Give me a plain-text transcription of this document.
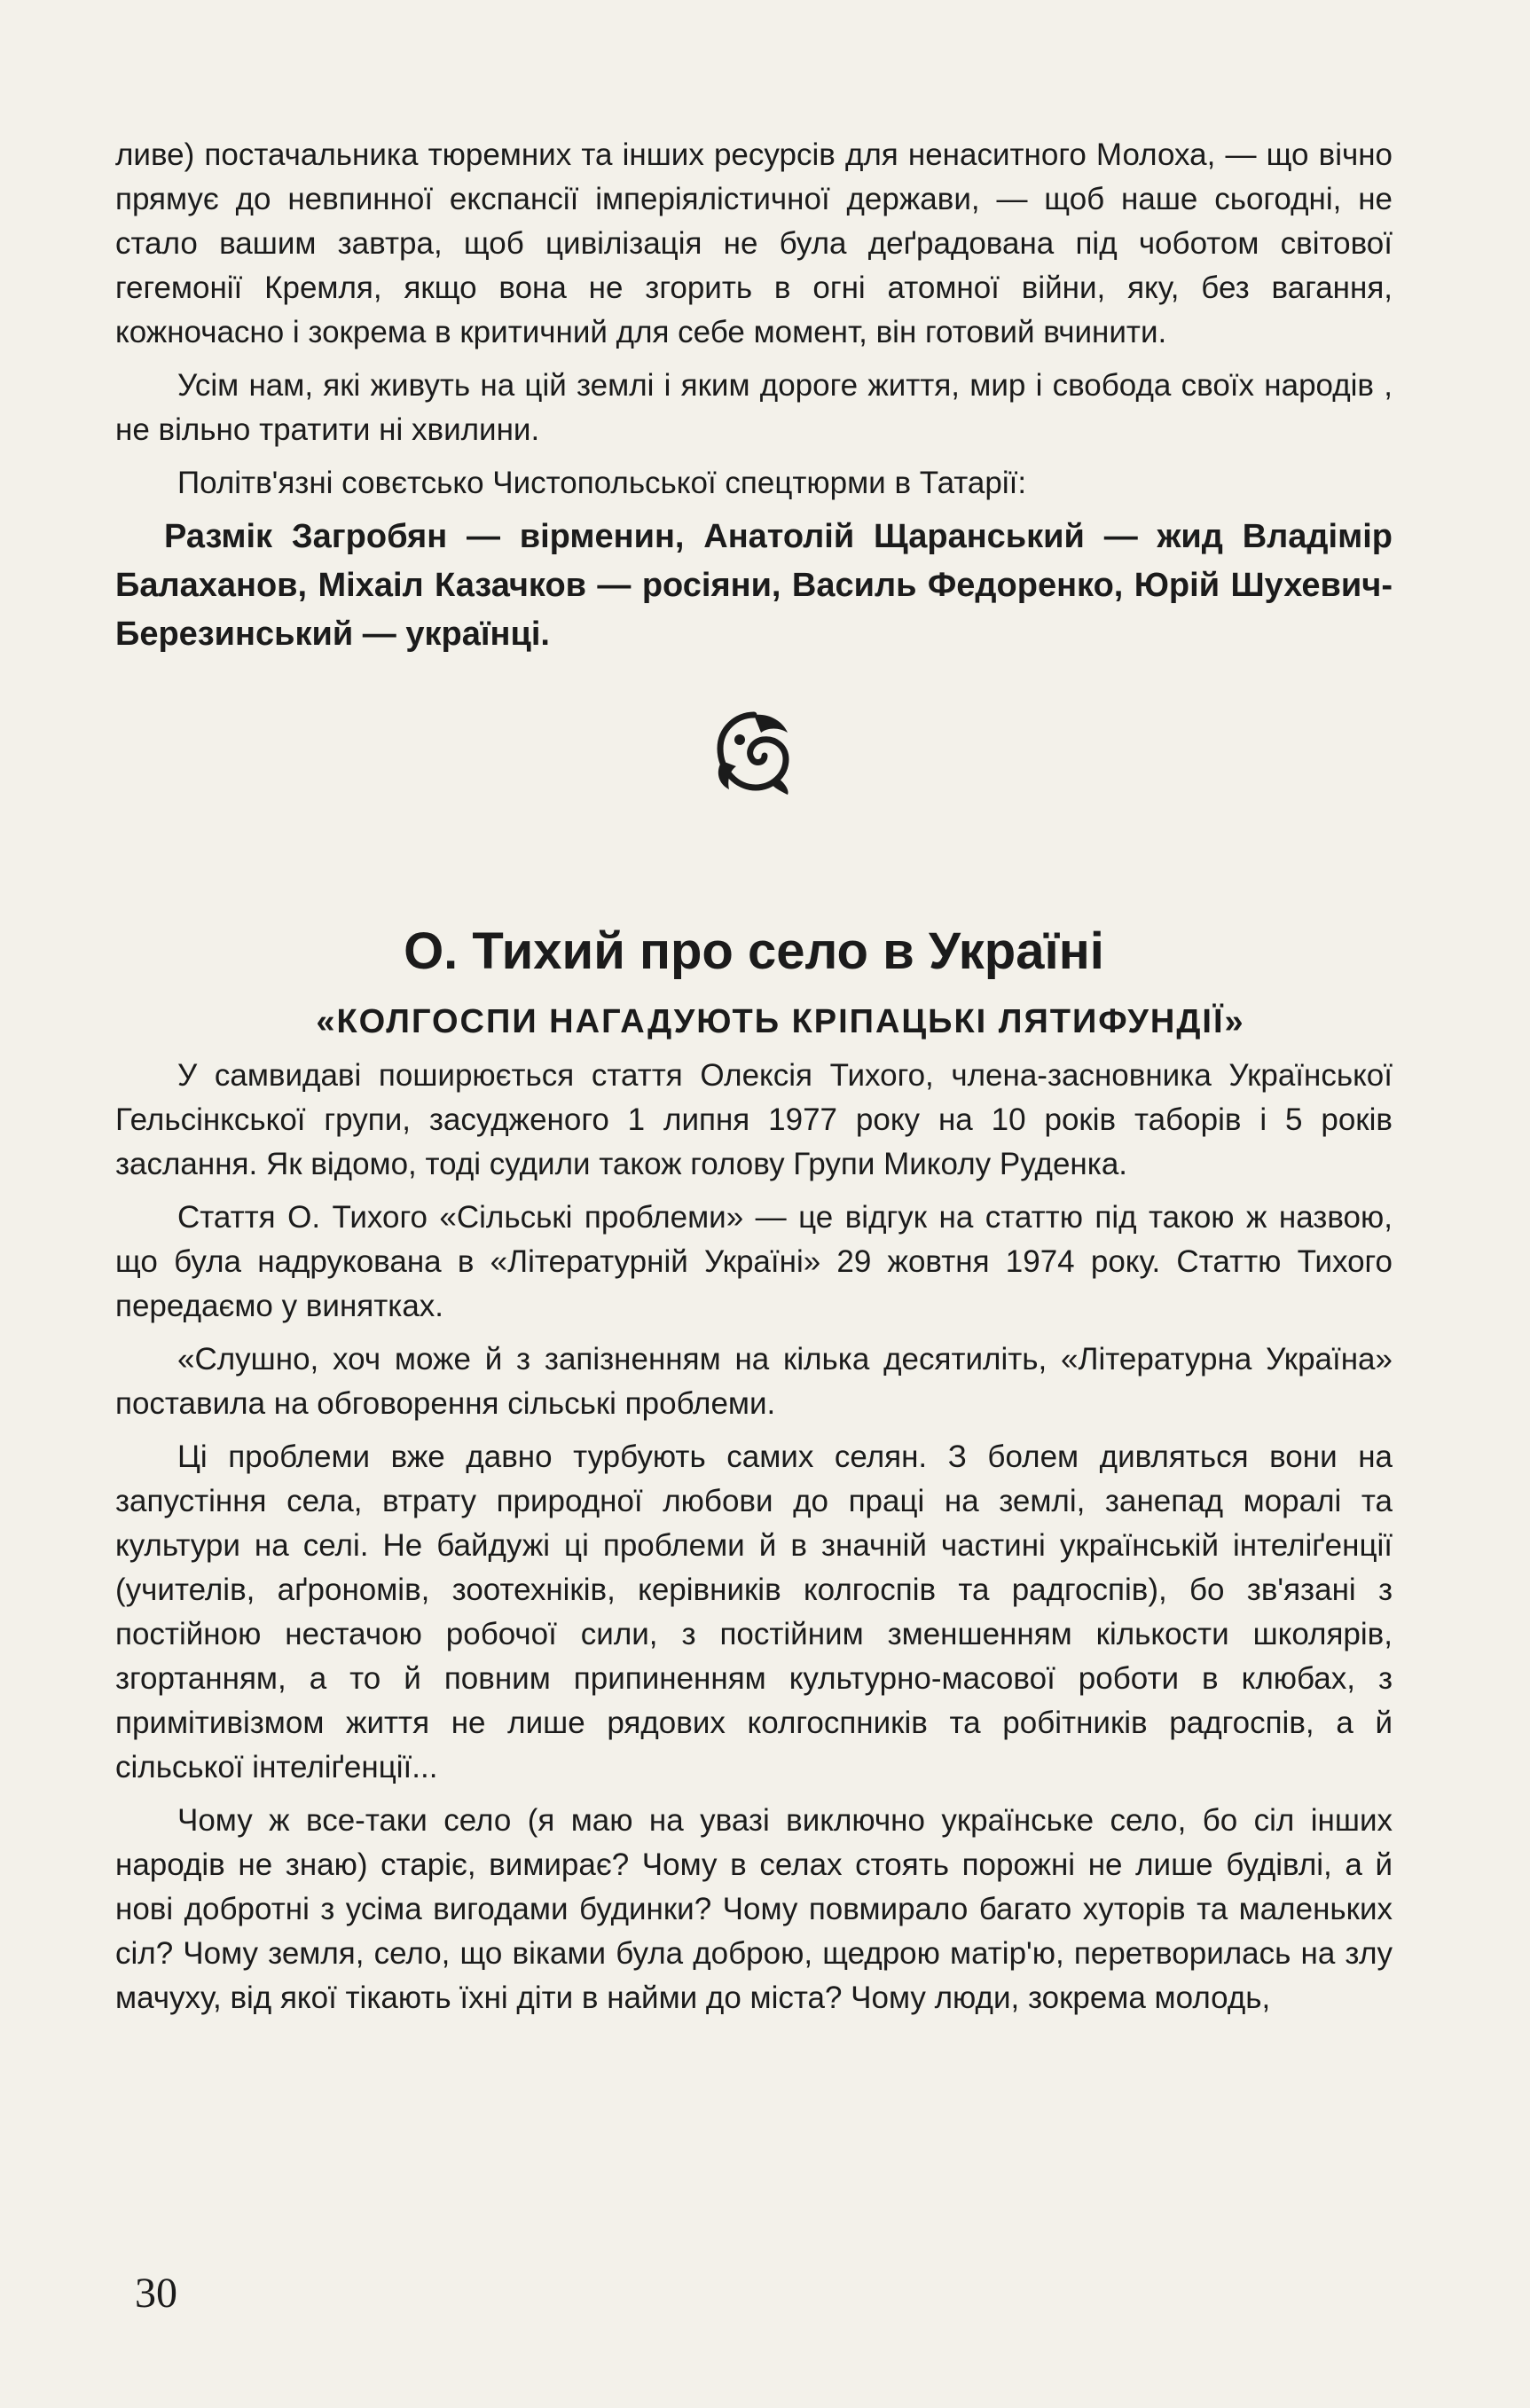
ливе) постачальника тюремних та інших ресурсів для ненаситного Молоха, — що вічно прямує до невпинної експансії імперіялістичної держави, — щоб наше сьогодні, не стало вашим завтра, щоб цивілізація не була деґрадована під чоботом світової гегемонії Кремля, якщо вона не згорить в огні атомної війни, яку, без вагання, кожночасно і зокрема в критичний для себе момент, він готовий вчинити.

Усім нам, які живуть на цій землі і яким дороге життя, мир і свобода своїх народів , не вільно тратити ні хвилини.

Політв'язні совєтсько Чистопольської спецтюрми в Татарії:

Размік Загробян — вірменин, Анатолій Щаранський — жид Владімір Балаханов, Міхаіл Казачков — росіяни, Василь Федоренко, Юрій Шухевич-Березинський — українці.

О. Тихий про село в Україні
«КОЛГОСПИ НАГАДУЮТЬ КРІПАЦЬКІ ЛЯТИФУНДІЇ»

У самвидаві поширюється стаття Олексія Тихого, члена-засновника Української Гельсінкської групи, засудженого 1 липня 1977 року на 10 років таборів і 5 років заслання. Як відомо, тоді судили також голову Групи Миколу Руденка.

Стаття О. Тихого «Сільські проблеми» — це відгук на статтю під такою ж назвою, що була надрукована в «Літературній Україні» 29 жовтня 1974 року. Статтю Тихого передаємо у винятках.

«Слушно, хоч може й з запізненням на кілька десятиліть, «Літературна Україна» поставила на обговорення сільські проблеми.

Ці проблеми вже давно турбують самих селян. З болем дивляться вони на запустіння села, втрату природної любови до праці на землі, занепад моралі та культури на селі. Не байдужі ці проблеми й в значній частині українській інтеліґенції (учителів, аґрономів, зоотехніків, керівників колгоспів та радгоспів), бо зв'язані з постійною нестачою робочої сили, з постійним зменшенням кількости школярів, згортанням, а то й повним припиненням культурно-масової роботи в клюбах, з примітивізмом життя не лише рядових колгоспників та робітників радгоспів, а й сільської інтеліґенції...

Чому ж все-таки село (я маю на увазі виключно українське село, бо сіл інших народів не знаю) старіє, вимирає? Чому в селах стоять порожні не лише будівлі, а й нові добротні з усіма вигодами будинки? Чому повмирало багато хуторів та маленьких сіл? Чому земля, село, що віками була доброю, щедрою матір'ю, перетворилась на злу мачуху, від якої тікають їхні діти в найми до міста? Чому люди, зокрема молодь,

30
